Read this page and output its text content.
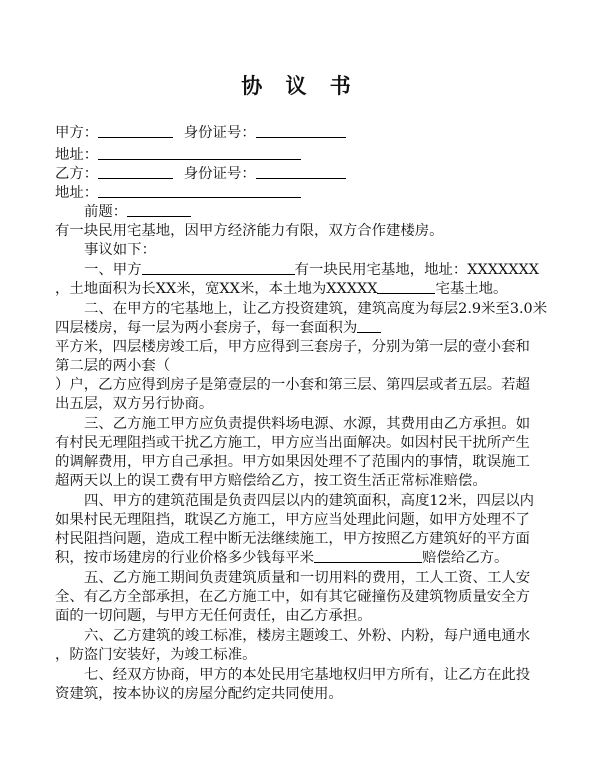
协 议 书
甲方：	身份证号：
地址：
乙方：	身份证号：
地址：
前题：
有一块民用宅基地，因甲方经济能力有限，双方合作建楼房。
事议如下：
一、甲方	有一块民用宅基地，地址：XXXXXXX
，土地面积为长XX米，宽XX米，本土地为XXXXX	宅基土地。
二、在甲方的宅基地上，让乙方投资建筑，建筑高度为每层2.9米至3.0米
四层楼房，每一层为两小套房子，每一套面积为
平方米，四层楼房竣工后，甲方应得到三套房子，分别为第一层的壹小套和
第二层的两小套（
）户，乙方应得到房子是第壹层的一小套和第三层、第四层或者五层。若超
出五层，双方另行协商。
三、乙方施工甲方应负责提供料场电源、水源，其费用由乙方承担。如
有村民无理阻挡或干扰乙方施工，甲方应当出面解决。如因村民干扰所产生
的调解费用，甲方自己承担。甲方如果因处理不了范围内的事情，耽误施工
超两天以上的误工费有甲方赔偿给乙方，按工资生活正常标准赔偿。
四、甲方的建筑范围是负责四层以内的建筑面积，高度12米，四层以内
如果村民无理阻挡，耽误乙方施工，甲方应当处理此问题，如甲方处理不了
村民阻挡问题，造成工程中断无法继续施工，甲方按照乙方建筑好的平方面
积，按市场建房的行业价格多少钱每平米	赔偿给乙方。
五、乙方施工期间负责建筑质量和一切用料的费用，工人工资、工人安
全、有乙方全部承担，在乙方施工中，如有其它碰撞伤及建筑物质量安全方
面的一切问题，与甲方无任何责任，由乙方承担。
六、乙方建筑的竣工标准，楼房主题竣工、外粉、内粉，每户通电通水
，防盗门安装好，为竣工标准。
七、经双方协商，甲方的本处民用宅基地权归甲方所有，让乙方在此投
资建筑，按本协议的房屋分配约定共同使用。
